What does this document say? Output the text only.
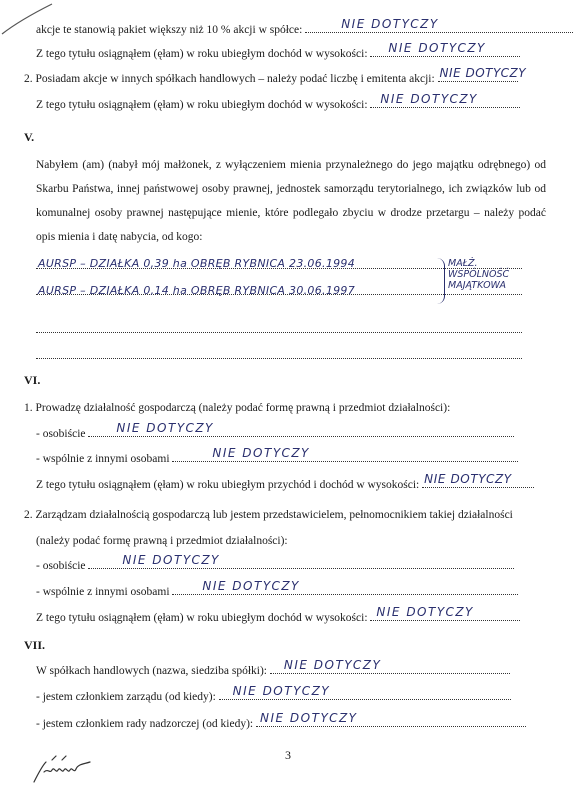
akcje te stanowią pakiet większy niż 10 % akcji w spółce:	NIE DOTYCZY
Z tego tytułu osiągnąłem (ęłam) w roku ubiegłym dochód w wysokości: NIE DOTYCZY
2. Posiadam akcje w innych spółkach handlowych – należy podać liczbę i emitenta akcji: NIE DOTYCZY
Z tego tytułu osiągnąłem (ęłam) w roku ubiegłym dochód w wysokości: NIE DOTYCZY
V.
Nabyłem (am) (nabył mój małżonek, z wyłączeniem mienia przynależnego do jego majątku odrębnego) od Skarbu Państwa, innej państwowej osoby prawnej, jednostek samorządu terytorialnego, ich związków lub od komunalnej osoby prawnej następujące mienie, które podlegało zbyciu w drodze przetargu – należy podać opis mienia i datę nabycia, od kogo:
AURSP – DZIAŁKA 0,39 ha OBRĘB RYBNICA 23.06.1994
AURSP – DZIAŁKA 0,14 ha OBRĘB RYBNICA 30.06.1997
MAŁŻ. WSPÓLNOŚĆ MAJĄTKOWA
VI.
1. Prowadzę działalność gospodarczą (należy podać formę prawną i przedmiot działalności):
- osobiście	NIE DOTYCZY
- wspólnie z innymi osobami	NIE DOTYCZY
Z tego tytułu osiągnąłem (ęłam) w roku ubiegłym przychód i dochód w wysokości: NIE DOTYCZY
2. Zarządzam działalnością gospodarczą lub jestem przedstawicielem, pełnomocnikiem takiej działalności
(należy podać formę prawną i przedmiot działalności):
- osobiście	NIE DOTYCZY
- wspólnie z innymi osobami	NIE DOTYCZY
Z tego tytułu osiągnąłem (ęłam) w roku ubiegłym dochód w wysokości: NIE DOTYCZY
VII.
W spółkach handlowych (nazwa, siedziba spółki): NIE DOTYCZY
- jestem członkiem zarządu (od kiedy): NIE DOTYCZY
- jestem członkiem rady nadzorczej (od kiedy): NIE DOTYCZY
3
